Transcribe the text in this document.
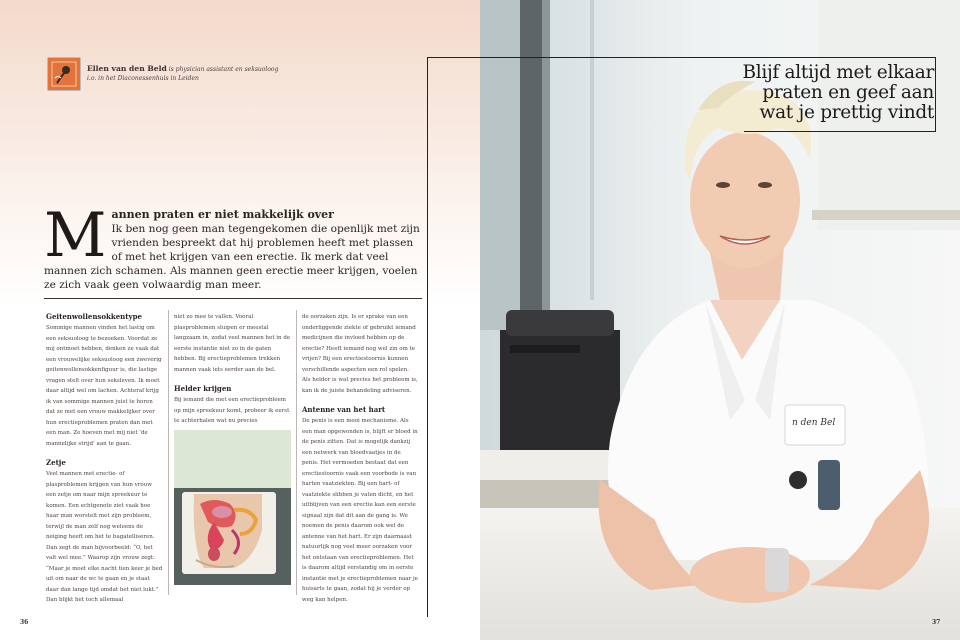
Ellen van den Beld is physician assistant en seksuoloog
i.o. in het Diaconessenhuis in Leiden
M annen praten er niet makkelijk over
Ik ben nog geen man tegengekomen die openlijk met zijn vrienden bespreekt dat hij problemen heeft met plassen of met het krijgen van een erectie. Ik merk dat veel mannen zich schamen. Als mannen geen erectie meer krijgen, voelen ze zich vaak geen volwaardig man meer.
Geitenwollensokkentype

Sommige mannen vinden het lastig om een seksuoloog te bezoeken. Voordat ze mij ontmoet hebben, denken ze vaak dat een vrouwelijke seksuoloog een zweverig geitenwollensokkenfiguur is, die lastige vragen stelt over hun seksleven. Ik moet daar altijd wel om lachen. Achteraf krijg ik van sommige mannen juist te horen dat ze met een vrouw makkelijker over hun erectieproblemen praten dan met een man. Ze hoeven met mij niet ‘de mannelijke strijd’ aan te gaan.

Zetje

Veel mannen met erectie- of plasproblemen krijgen van hun vrouw een zetje om naar mijn spreekuur te komen. Een echtgenote ziet vaak hoe haar man worstelt met zijn probleem, terwijl de man zelf nog weleens de neiging heeft om het te bagatelliseren. Dan zegt de man bijvoorbeeld: “O, het valt wel mee.” Waarop zijn vrouw zegt: “Maar je moet elke nacht tien keer je bed uit om naar de wc te gaan en je staat daar dan lange tijd omdat het niet lukt.” Dan blijkt het toch allemaal

niet zo mee te vallen. Vooral plasproblemen sluipen er meestal langzaam in, zodat veel mannen het in de eerste instantie niet zo in de gaten hebben. Bij erectieproblemen trekken mannen vaak iets eerder aan de bel.

Helder krijgen

Bij iemand die met een erectieprobleem op mijn spreekuur komt, probeer ik eerst te achterhalen wat nu precies

de oorzaken zijn. Is er sprake van een onderliggende ziekte of gebruikt iemand medicijnen die invloed hebben op de erectie? Heeft iemand nog wel zin om te vrijen? Bij een erectiestoornis kunnen verschillende aspecten een rol spelen. Als helder is wat precies het probleem is, kan ik de juiste behandeling adviseren.

Antenne van het hart

De penis is een mooi mechanisme. Als een man opgewonden is, blijft er bloed in de penis zitten. Dat is mogelijk dankzij een netwerk van bloedvaatjes in de penis. Het vermoeden bestaat dat een erectiestoornis vaak een voorbode is van harten vaatziekten. Bij een hart- of vaatziekte slibben je vaten dicht, en het uitblijven van een erectie kan een eerste signaal zijn dat dit aan de gang is. We noemen de penis daarom ook wel de antenne van het hart. Er zijn daarnaast natuurlijk nog veel meer oorzaken voor het ontstaan van erectieproblemen. Het is daarom altijd verstandig om in eerste instantie met je erectieproblemen naar je huisarts te gaan, zodat hij je verder op weg kan helpen.

36
n den Bel
Blijf altijd met elkaar praten en geef aan wat je prettig vindt
37
